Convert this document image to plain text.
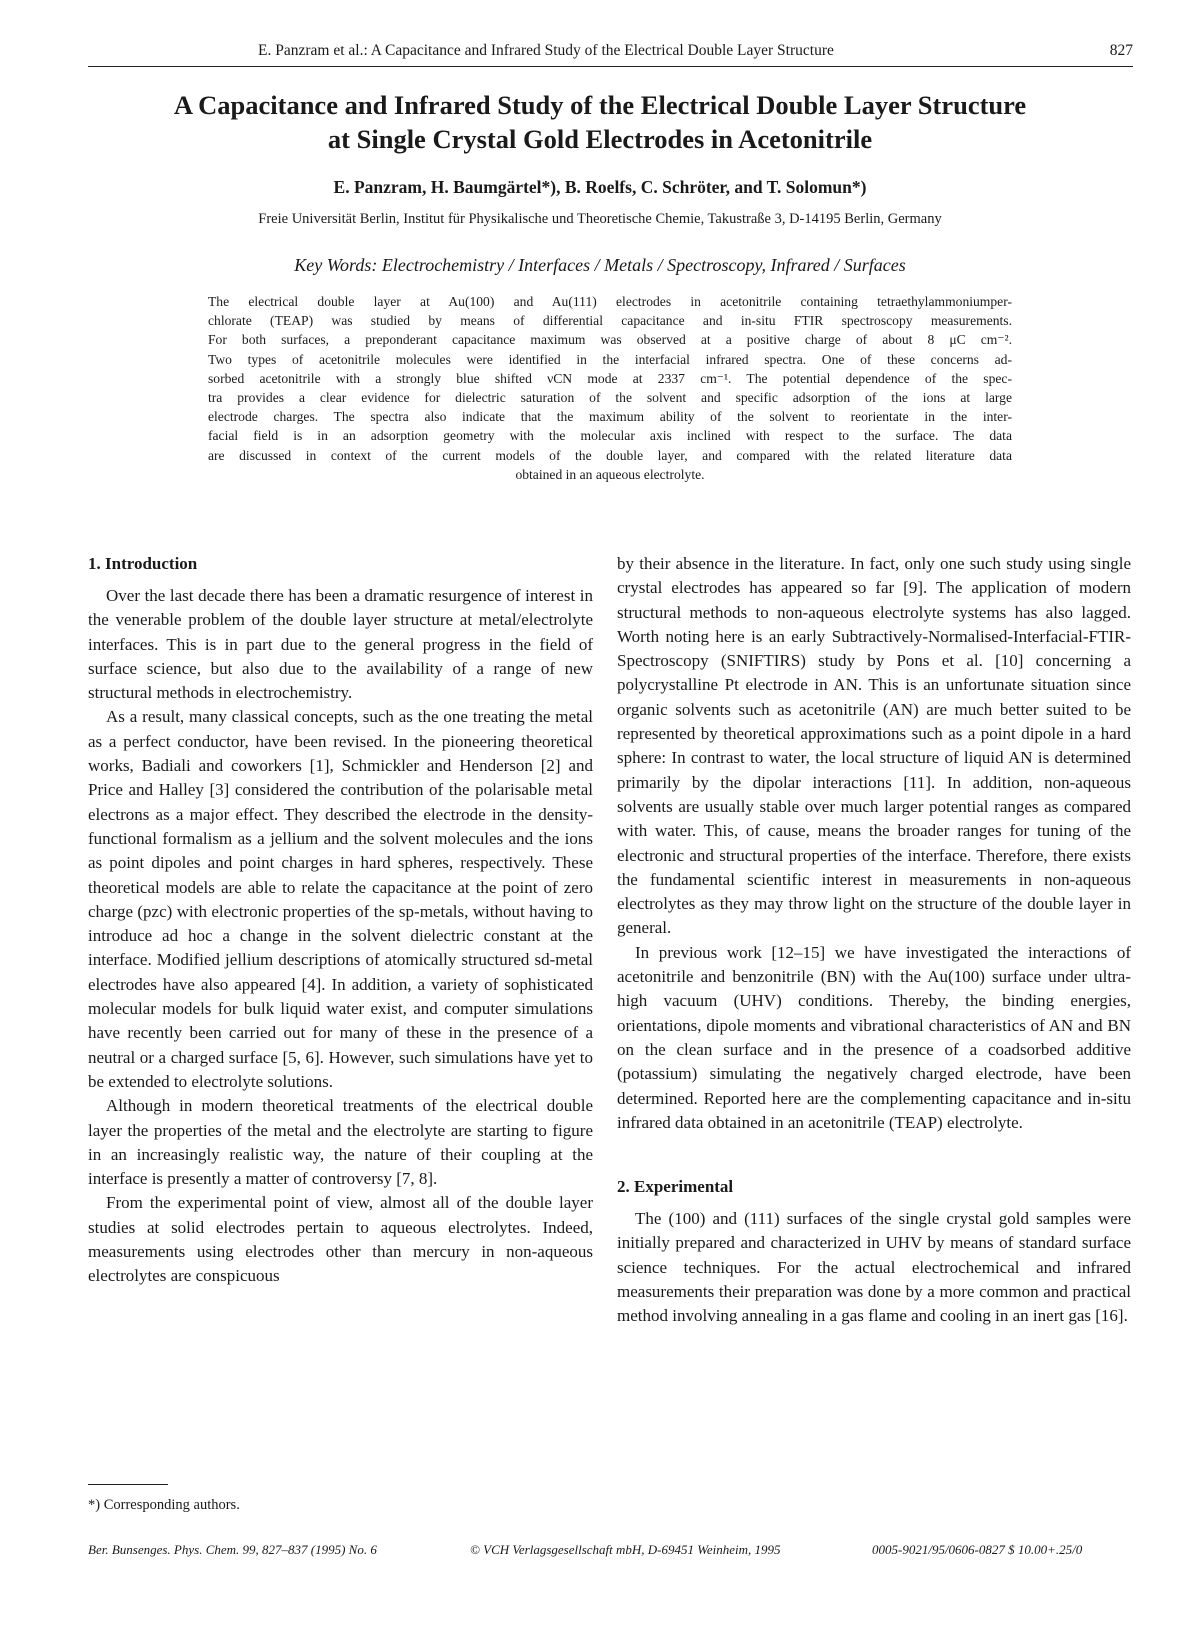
E. Panzram et al.: A Capacitance and Infrared Study of the Electrical Double Layer Structure	827
A Capacitance and Infrared Study of the Electrical Double Layer Structure
at Single Crystal Gold Electrodes in Acetonitrile
E. Panzram, H. Baumgärtel*), B. Roelfs, C. Schröter, and T. Solomun*)
Freie Universität Berlin, Institut für Physikalische und Theoretische Chemie, Takustraße 3, D-14195 Berlin, Germany
Key Words: Electrochemistry / Interfaces / Metals / Spectroscopy, Infrared / Surfaces
The electrical double layer at Au(100) and Au(111) electrodes in acetonitrile containing tetraethylammoniumper-
chlorate (TEAP) was studied by means of differential capacitance and in-situ FTIR spectroscopy measurements.
For both surfaces, a preponderant capacitance maximum was observed at a positive charge of about 8 μC cm⁻².
Two types of acetonitrile molecules were identified in the interfacial infrared spectra. One of these concerns ad-
sorbed acetonitrile with a strongly blue shifted νCN mode at 2337 cm⁻¹. The potential dependence of the spec-
tra provides a clear evidence for dielectric saturation of the solvent and specific adsorption of the ions at large
electrode charges. The spectra also indicate that the maximum ability of the solvent to reorientate in the inter-
facial field is in an adsorption geometry with the molecular axis inclined with respect to the surface. The data
are discussed in context of the current models of the double layer, and compared with the related literature data
obtained in an aqueous electrolyte.
1. Introduction

Over the last decade there has been a dramatic resurgence of interest in the venerable problem of the double layer structure at metal/electrolyte interfaces. This is in part due to the general progress in the field of surface science, but also due to the availability of a range of new structural methods in electrochemistry.

As a result, many classical concepts, such as the one treating the metal as a perfect conductor, have been revised. In the pioneering theoretical works, Badiali and coworkers [1], Schmickler and Henderson [2] and Price and Halley [3] considered the contribution of the polarisable metal electrons as a major effect. They described the electrode in the density-functional formalism as a jellium and the solvent molecules and the ions as point dipoles and point charges in hard spheres, respectively. These theoretical models are able to relate the capacitance at the point of zero charge (pzc) with electronic properties of the sp-metals, without having to introduce ad hoc a change in the solvent dielectric constant at the interface. Modified jellium descriptions of atomically structured sd-metal electrodes have also appeared [4]. In addition, a variety of sophisticated molecular models for bulk liquid water exist, and computer simulations have recently been carried out for many of these in the presence of a neutral or a charged surface [5, 6]. However, such simulations have yet to be extended to electrolyte solutions.

Although in modern theoretical treatments of the electrical double layer the properties of the metal and the electrolyte are starting to figure in an increasingly realistic way, the nature of their coupling at the interface is presently a matter of controversy [7, 8].

From the experimental point of view, almost all of the double layer studies at solid electrodes pertain to aqueous electrolytes. Indeed, measurements using electrodes other than mercury in non-aqueous electrolytes are conspicuous

by their absence in the literature. In fact, only one such study using single crystal electrodes has appeared so far [9]. The application of modern structural methods to non-aqueous electrolyte systems has also lagged. Worth noting here is an early Subtractively-Normalised-Interfacial-FTIR-Spectroscopy (SNIFTIRS) study by Pons et al. [10] concerning a polycrystalline Pt electrode in AN. This is an unfortunate situation since organic solvents such as acetonitrile (AN) are much better suited to be represented by theoretical approximations such as a point dipole in a hard sphere: In contrast to water, the local structure of liquid AN is determined primarily by the dipolar interactions [11]. In addition, non-aqueous solvents are usually stable over much larger potential ranges as compared with water. This, of cause, means the broader ranges for tuning of the electronic and structural properties of the interface. Therefore, there exists the fundamental scientific interest in measurements in non-aqueous electrolytes as they may throw light on the structure of the double layer in general.

In previous work [12–15] we have investigated the interactions of acetonitrile and benzonitrile (BN) with the Au(100) surface under ultra-high vacuum (UHV) conditions. Thereby, the binding energies, orientations, dipole moments and vibrational characteristics of AN and BN on the clean surface and in the presence of a coadsorbed additive (potassium) simulating the negatively charged electrode, have been determined. Reported here are the complementing capacitance and in-situ infrared data obtained in an acetonitrile (TEAP) electrolyte.

2. Experimental

The (100) and (111) surfaces of the single crystal gold samples were initially prepared and characterized in UHV by means of standard surface science techniques. For the actual electrochemical and infrared measurements their preparation was done by a more common and practical method involving annealing in a gas flame and cooling in an inert gas [16].

*) Corresponding authors.
Ber. Bunsenges. Phys. Chem. 99, 827–837 (1995) No. 6	© VCH Verlagsgesellschaft mbH, D-69451 Weinheim, 1995	0005-9021/95/0606-0827 $ 10.00+.25/0
